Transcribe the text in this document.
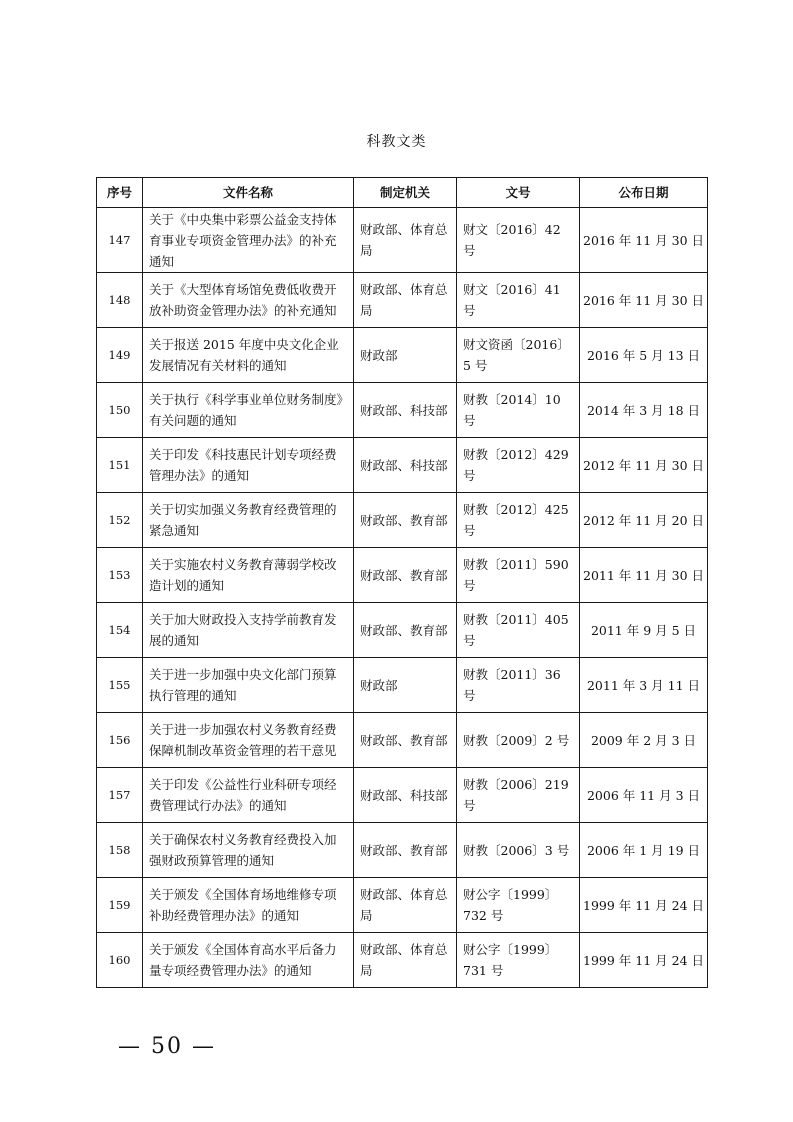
科教文类
序号	文件名称	制定机关	文号	公布日期
147	关于《中央集中彩票公益金支持体育事业专项资金管理办法》的补充通知	财政部、体育总局	财文〔2016〕42 号	2016 年 11 月 30 日
148	关于《大型体育场馆免费低收费开放补助资金管理办法》的补充通知	财政部、体育总局	财文〔2016〕41 号	2016 年 11 月 30 日
149	关于报送 2015 年度中央文化企业发展情况有关材料的通知	财政部	财文资函〔2016〕5 号	2016 年 5 月 13 日
150	关于执行《科学事业单位财务制度》有关问题的通知	财政部、科技部	财教〔2014〕10 号	2014 年 3 月 18 日
151	关于印发《科技惠民计划专项经费管理办法》的通知	财政部、科技部	财教〔2012〕429 号	2012 年 11 月 30 日
152	关于切实加强义务教育经费管理的紧急通知	财政部、教育部	财教〔2012〕425 号	2012 年 11 月 20 日
153	关于实施农村义务教育薄弱学校改造计划的通知	财政部、教育部	财教〔2011〕590 号	2011 年 11 月 30 日
154	关于加大财政投入支持学前教育发展的通知	财政部、教育部	财教〔2011〕405 号	2011 年 9 月 5 日
155	关于进一步加强中央文化部门预算执行管理的通知	财政部	财教〔2011〕36 号	2011 年 3 月 11 日
156	关于进一步加强农村义务教育经费保障机制改革资金管理的若干意见	财政部、教育部	财教〔2009〕2 号	2009 年 2 月 3 日
157	关于印发《公益性行业科研专项经费管理试行办法》的通知	财政部、科技部	财教〔2006〕219 号	2006 年 11 月 3 日
158	关于确保农村义务教育经费投入加强财政预算管理的通知	财政部、教育部	财教〔2006〕3 号	2006 年 1 月 19 日
159	关于颁发《全国体育场地维修专项补助经费管理办法》的通知	财政部、体育总局	财公字〔1999〕732 号	1999 年 11 月 24 日
160	关于颁发《全国体育高水平后备力量专项经费管理办法》的通知	财政部、体育总局	财公字〔1999〕731 号	1999 年 11 月 24 日
— 50 —
